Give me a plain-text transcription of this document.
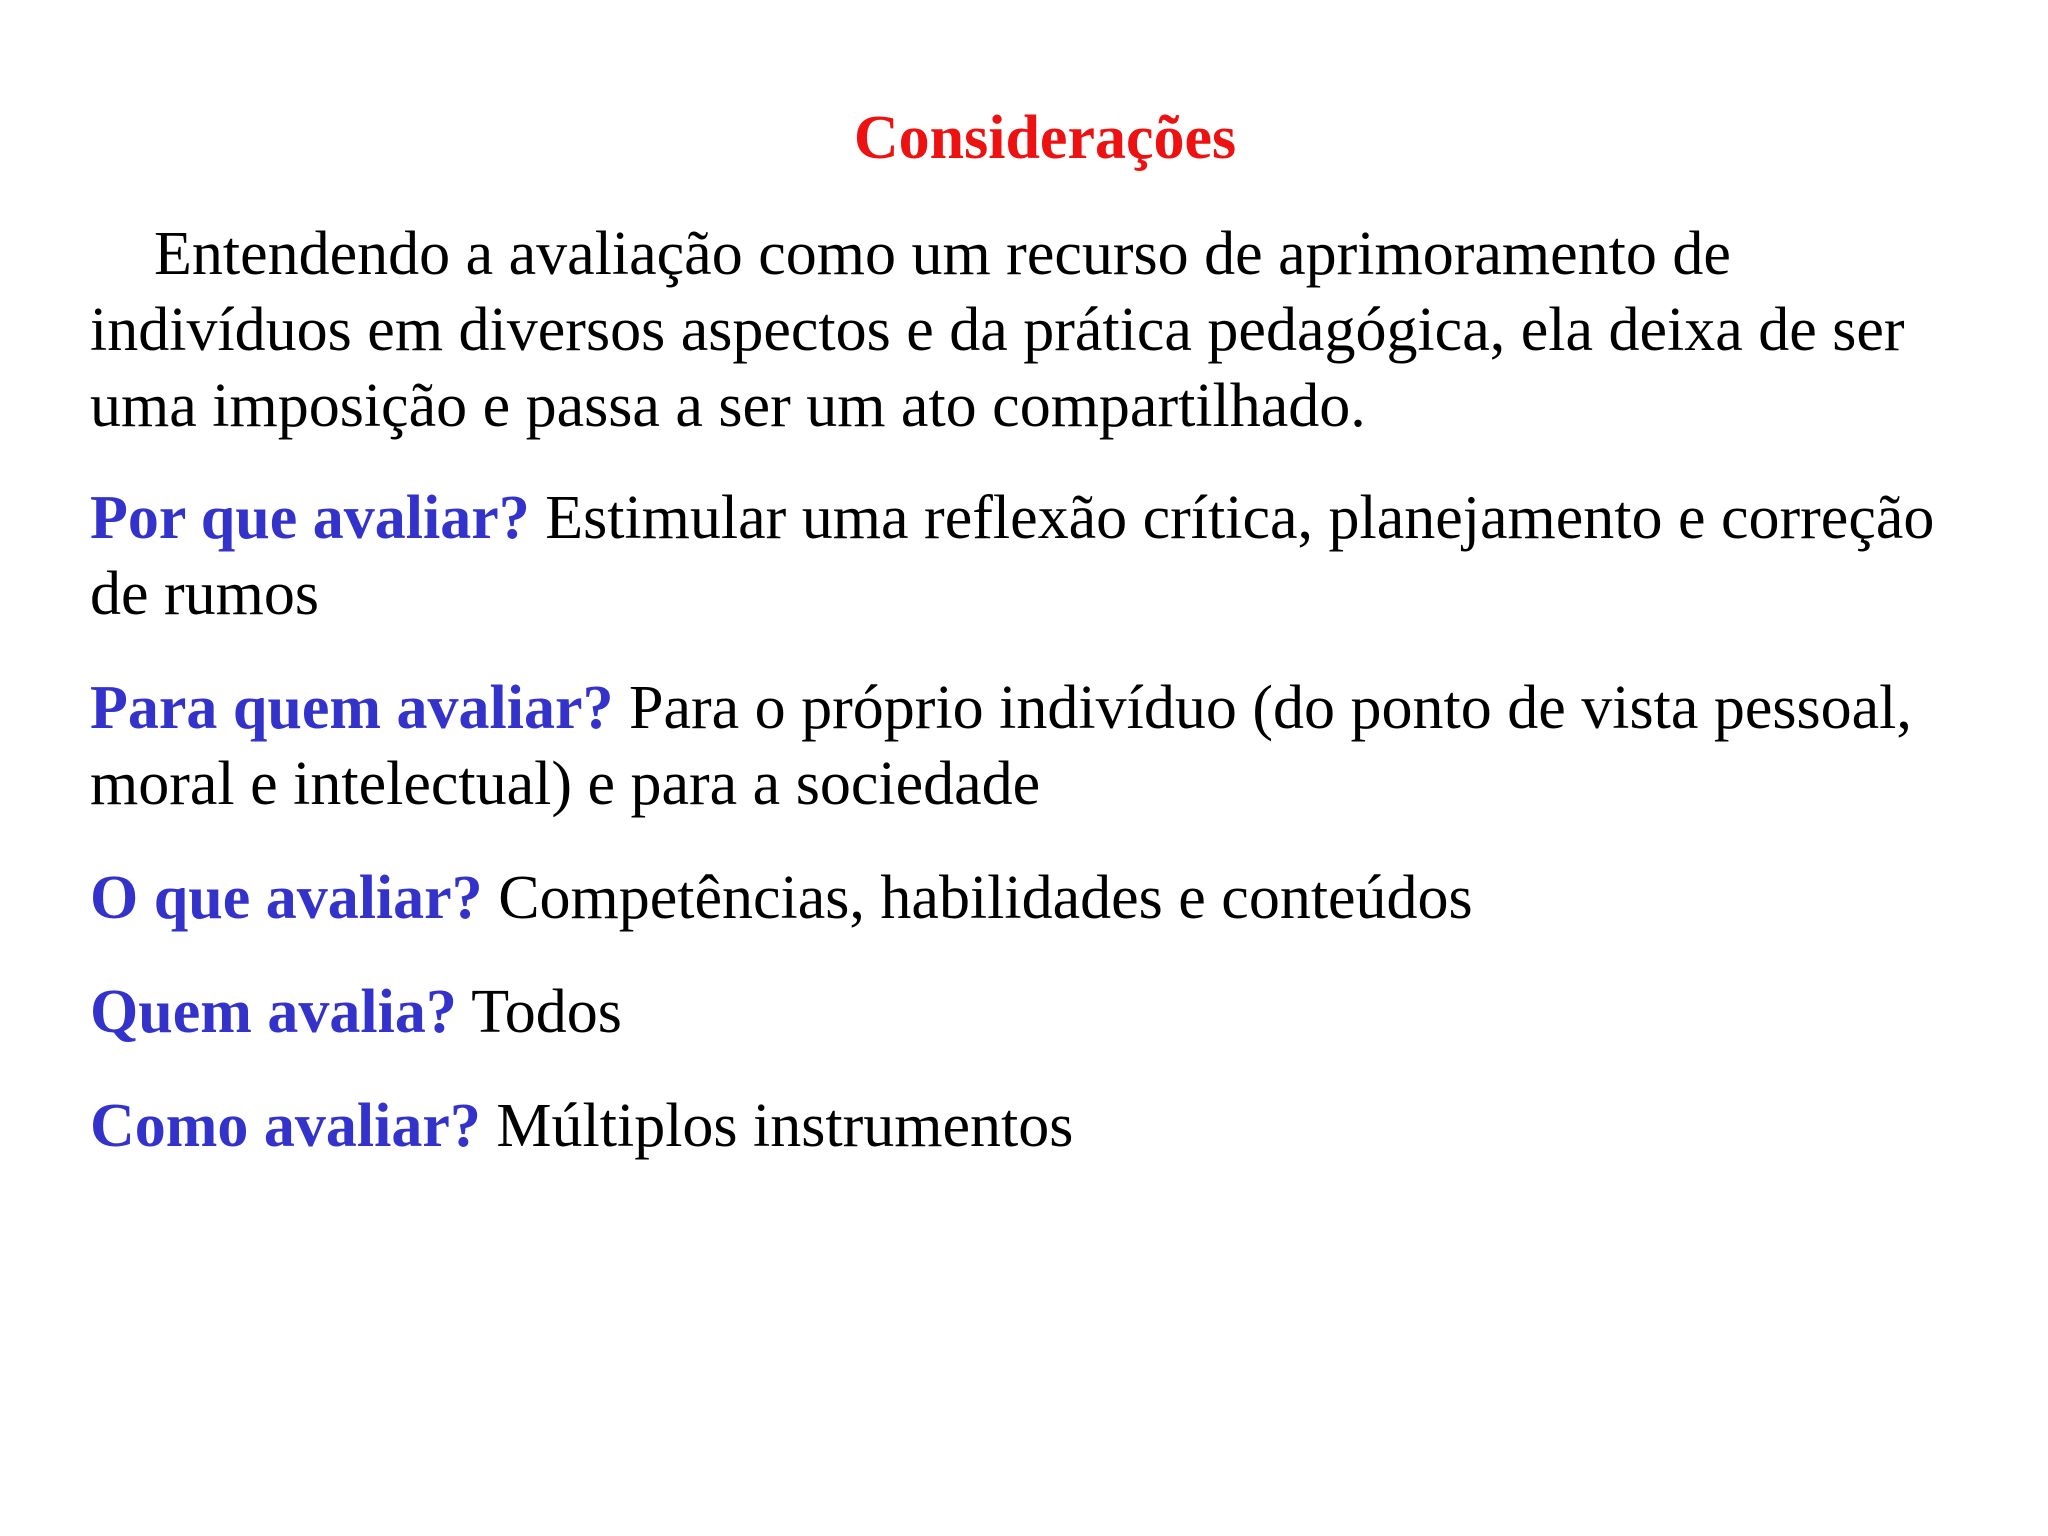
Considerações
Entendendo a avaliação como um recurso de aprimoramento de
indivíduos em diversos aspectos e da prática pedagógica, ela deixa de ser
uma imposição e passa a ser um ato compartilhado.
Por que avaliar? Estimular uma reflexão crítica, planejamento e correção
de rumos
Para quem avaliar? Para o próprio indivíduo (do ponto de vista pessoal,
moral e intelectual) e para a sociedade
O que avaliar? Competências, habilidades e conteúdos
Quem avalia? Todos
Como avaliar? Múltiplos instrumentos
